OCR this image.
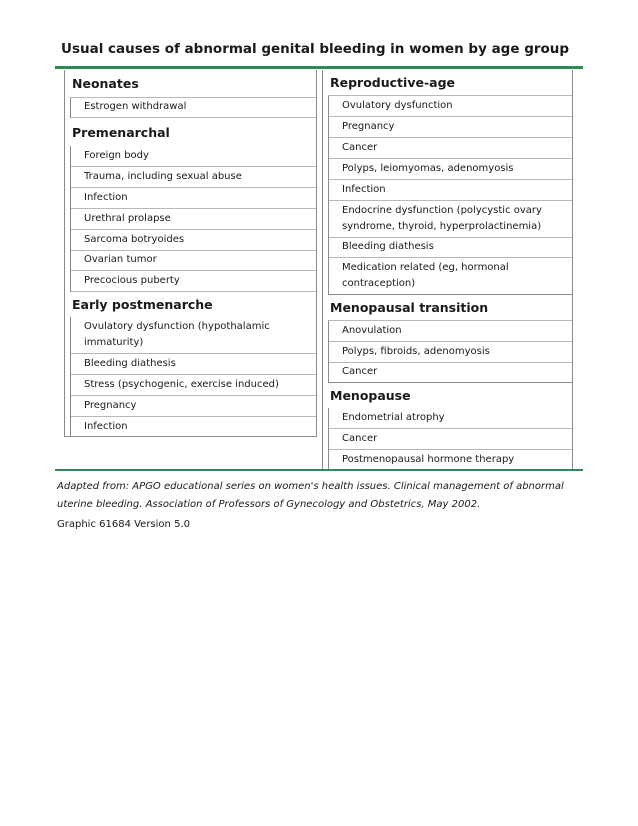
Usual causes of abnormal genital bleeding in women by age group
Neonates
Estrogen withdrawal
Premenarchal
Foreign body
Trauma, including sexual abuse
Infection
Urethral prolapse
Sarcoma botryoides
Ovarian tumor
Precocious puberty
Early postmenarche
Ovulatory dysfunction (hypothalamic immaturity)
Bleeding diathesis
Stress (psychogenic, exercise induced)
Pregnancy
Infection
Reproductive-age
Ovulatory dysfunction
Pregnancy
Cancer
Polyps, leiomyomas, adenomyosis
Infection
Endocrine dysfunction (polycystic ovary syndrome, thyroid, hyperprolactinemia)
Bleeding diathesis
Medication related (eg, hormonal contraception)
Menopausal transition
Anovulation
Polyps, fibroids, adenomyosis
Cancer
Menopause
Endometrial atrophy
Cancer
Postmenopausal hormone therapy
Adapted from: APGO educational series on women's health issues. Clinical management of abnormal uterine bleeding. Association of Professors of Gynecology and Obstetrics, May 2002.
Graphic 61684 Version 5.0
